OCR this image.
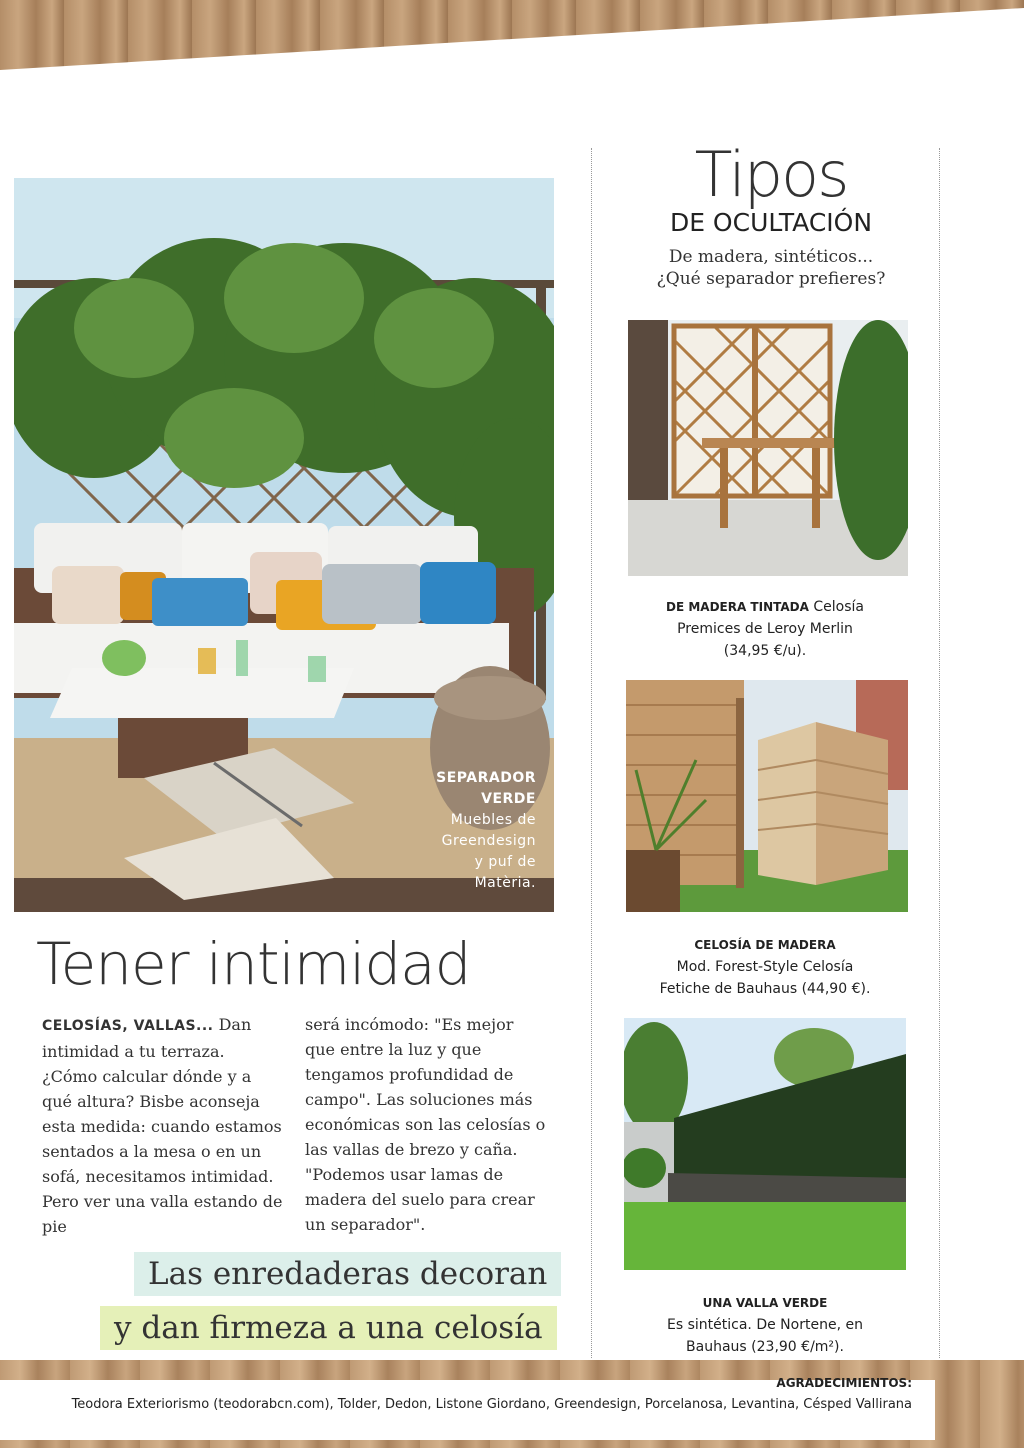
SEPARADOR
VERDE
Muebles de
Greendesign
y puf de
Matèria.
Tener intimidad
CELOSÍAS, VALLAS... Dan intimidad a tu terraza. ¿Cómo calcular dónde y a qué altura? Bisbe aconseja esta medida: cuando estamos sentados a la mesa o en un sofá, necesitamos intimidad. Pero ver una valla estando de pie
será incómodo: "Es mejor que entre la luz y que tengamos profundidad de campo". Las soluciones más económicas son las celosías o las vallas de brezo y caña. "Podemos usar lamas de madera del suelo para crear un separador".
Las enredaderas decoran
y dan firmeza a una celosía
Tipos
DE OCULTACIÓN
De madera, sintéticos...
¿Qué separador prefieres?
DE MADERA TINTADA Celosía
Premices de Leroy Merlin
(34,95 €/u).
CELOSÍA DE MADERA
Mod. Forest-Style Celosía
Fetiche de Bauhaus (44,90 €).
UNA VALLA VERDE
Es sintética. De Nortene, en
Bauhaus (23,90 €/m²).
AGRADECIMIENTOS:
Teodora Exteriorismo (teodorabcn.com), Tolder, Dedon, Listone Giordano, Greendesign, Porcelanosa, Levantina, Césped Vallirana
